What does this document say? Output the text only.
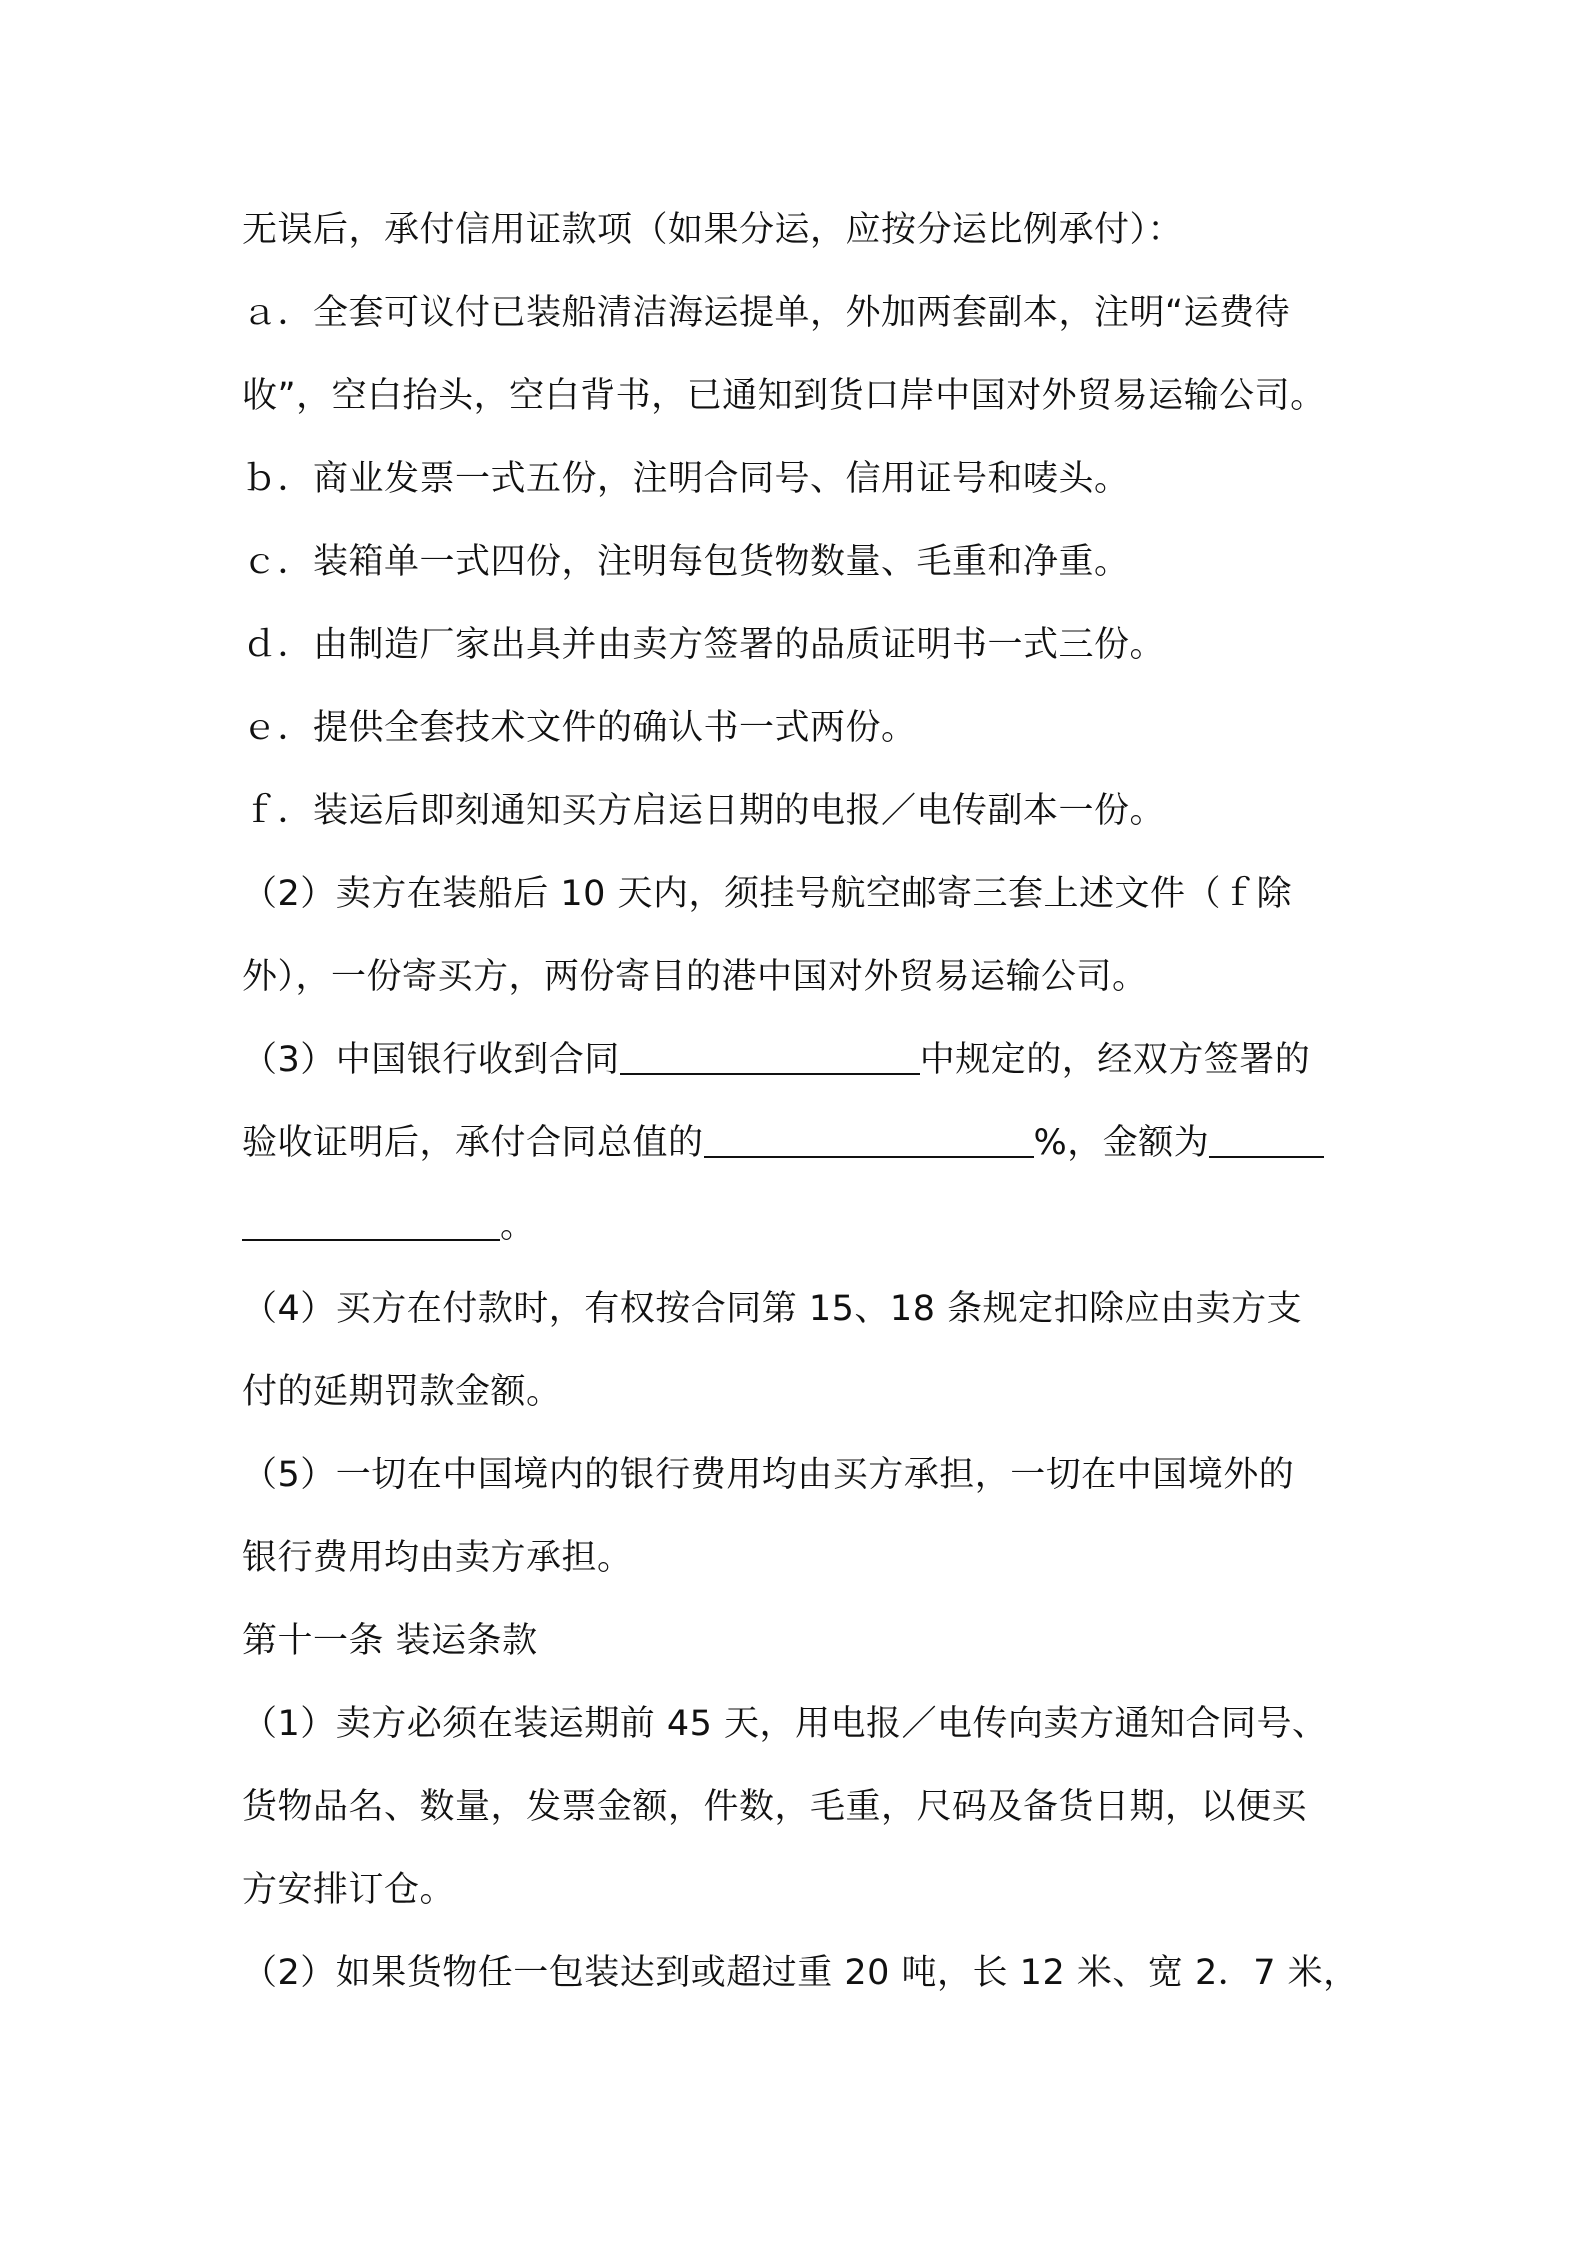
无误后，承付信用证款项（如果分运，应按分运比例承付）：
ａ．全套可议付已装船清洁海运提单，外加两套副本，注明“运费待
收”，空白抬头，空白背书，已通知到货口岸中国对外贸易运输公司。
ｂ．商业发票一式五份，注明合同号、信用证号和唛头。
ｃ．装箱单一式四份，注明每包货物数量、毛重和净重。
ｄ．由制造厂家出具并由卖方签署的品质证明书一式三份。
ｅ．提供全套技术文件的确认书一式两份。
ｆ．装运后即刻通知买方启运日期的电报／电传副本一份。
（2）卖方在装船后 10 天内，须挂号航空邮寄三套上述文件（ｆ除
外），一份寄买方，两份寄目的港中国对外贸易运输公司。
（3）中国银行收到合同	中规定的，经双方签署的
验收证明后，承付合同总值的	%，金额为
。
（4）买方在付款时，有权按合同第 15、18 条规定扣除应由卖方支
付的延期罚款金额。
（5）一切在中国境内的银行费用均由买方承担，一切在中国境外的
银行费用均由卖方承担。
第十一条 装运条款
（1）卖方必须在装运期前 45 天，用电报／电传向卖方通知合同号、
货物品名、数量，发票金额，件数，毛重，尺码及备货日期，以便买
方安排订仓。
（2）如果货物任一包装达到或超过重 20 吨，长 12 米、宽 2．7 米，
